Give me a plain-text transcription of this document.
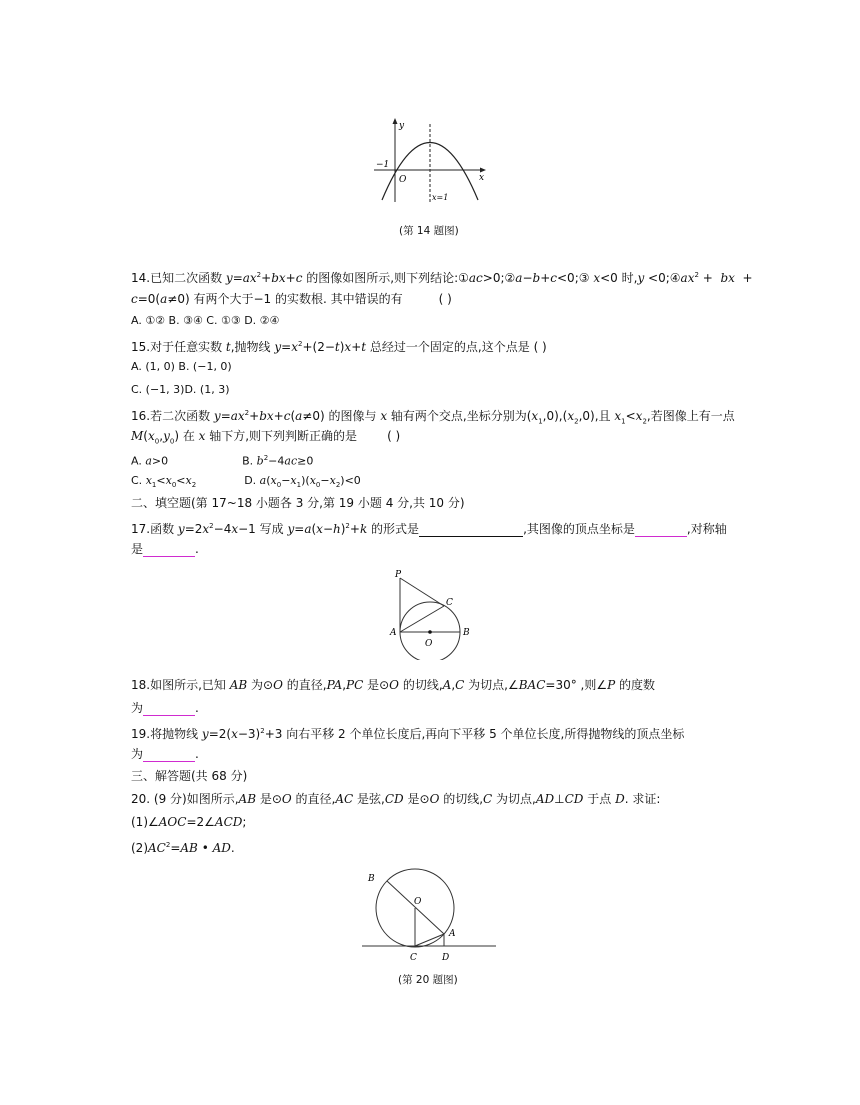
y
x
O
−1
x=1
(第 14 题图)
14.已知二次函数 $y=ax^2+bx+c$ 的图像如图所示,则下列结论:①ac>0;②a−b+c<0;③ x<0 时$,y <0;④ax^2$ +  bx  +
c=0(a≠0) 有两个大于−1 的实数根. 其中错误的有	( )
A. ①② B. ③④ C. ①③ D. ②④
15.对于任意实数 t,抛物线 $y=x^2+(2-t)x+t$ 总经过一个固定的点,这个点是 ( )
A. (1, 0) B. (−1, 0)
C. (−1, 3)D. (1, 3)
16.若二次函数 $y=ax^2+bx+c(a\ne 0)$ 的图像与 x 轴有两个交点,坐标分别为$(x_1,0),(x_2,0)$,且 $x_1<x_2$,若图像上有一点
$M(x_0,y_0)$ 在 x 轴下方,则下列判断正确的是	( )
A. a>0	B. $b^2-4ac\ge 0$
C. $x_1<x_0<x_2$	D. $a(x_0-x_1)(x_0-x_2)<0$
二、填空题(第 17~18 小题各 3 分,第 19 小题 4 分,共 10 分)
17.函数 $y=2x^2-4x-1$ 写成 $y=a(x-h)^2+k$ 的形式是	,其图像的顶点坐标是	,对称轴
是	.
P
C
A
O
B
18.如图所示,已知 AB 为⊙O 的直径,PA,PC 是⊙O 的切线,A,C 为切点,∠BAC=30° ,则∠P 的度数
为	.
19.将抛物线 $y=2(x-3)^2+3$ 向右平移 2 个单位长度后,再向下平移 5 个单位长度,所得抛物线的顶点坐标
为	.
三、解答题(共 68 分)
20. (9 分)如图所示,AB 是⊙O 的直径,AC 是弦,CD 是⊙O 的切线,C 为切点,AD⊥CD 于点 D. 求证:
(1)∠AOC=2∠ACD;
$(2)AC^2=AB$ • AD.
B
O
A
C	D
(第 20 题图)
